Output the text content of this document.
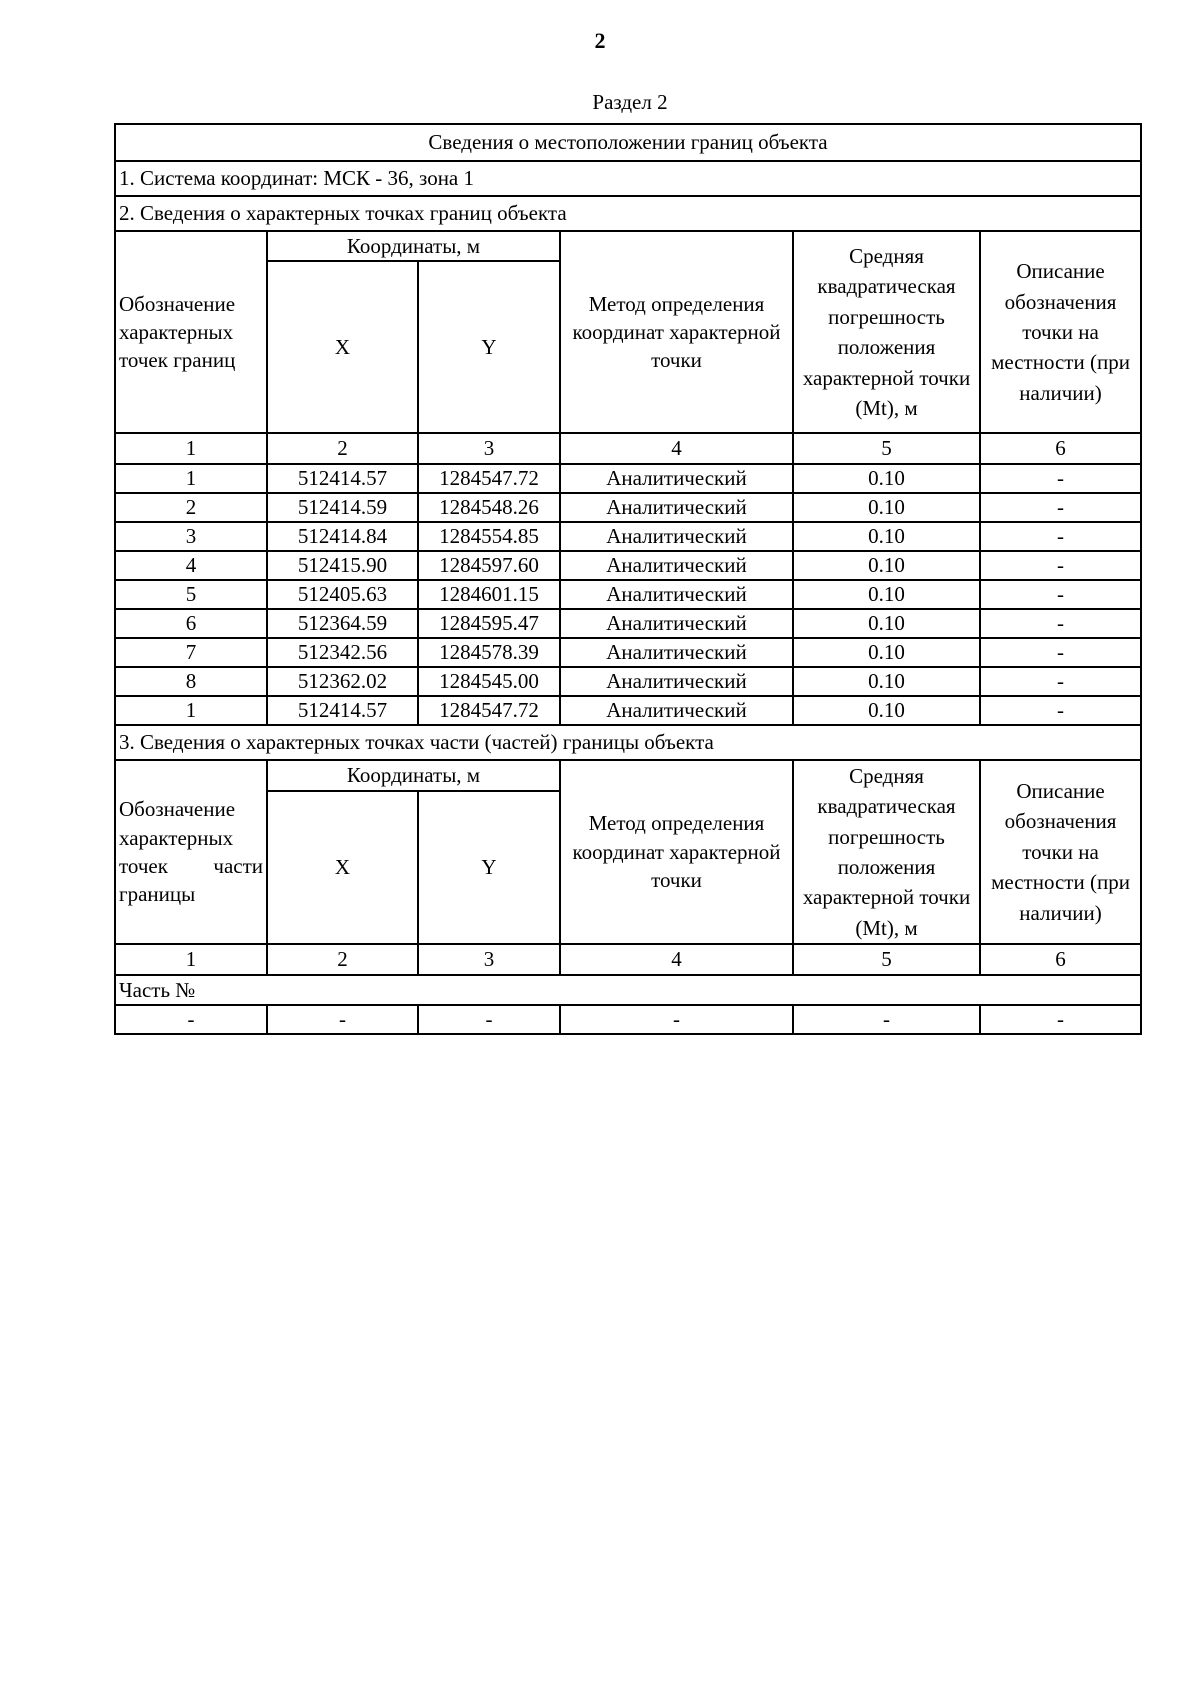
2
Раздел 2
Сведения о местоположении границ объекта					
1. Система координат: МСК - 36, зона 1					
2. Сведения о характерных точках границ объекта					
Обозначение характерных точек границ	Координаты, м		Метод определения координат характерной точки	Средняя квадратическая погрешность положения характерной точки (Mt), м	Описание обозначения точки на местности (при наличии)
	X	Y			
1	2	3	4	5	6
1	512414.57	1284547.72	Аналитический	0.10	-
2	512414.59	1284548.26	Аналитический	0.10	-
3	512414.84	1284554.85	Аналитический	0.10	-
4	512415.90	1284597.60	Аналитический	0.10	-
5	512405.63	1284601.15	Аналитический	0.10	-
6	512364.59	1284595.47	Аналитический	0.10	-
7	512342.56	1284578.39	Аналитический	0.10	-
8	512362.02	1284545.00	Аналитический	0.10	-
1	512414.57	1284547.72	Аналитический	0.10	-
3. Сведения о характерных точках части (частей) границы объекта					

Обозначение характерных точек части границы	Координаты, м		Метод определения координат характерной точки	Средняя квадратическая погрешность положения характерной точки (Mt), м	Описание обозначения точки на местности (при наличии)
	X	Y			
1	2	3	4	5	6
Часть №					
-	-	-	-	-	-
